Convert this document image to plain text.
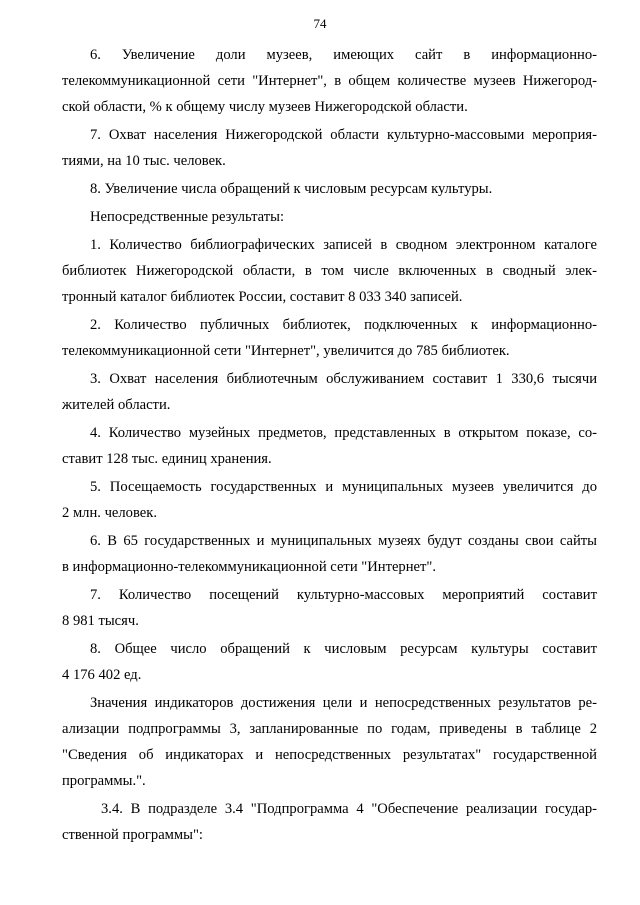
74
6. Увеличение доли музеев, имеющих сайт в информационно-
телекоммуникационной сети "Интернет", в общем количестве музеев Нижегород-
ской области, % к общему числу музеев Нижегородской области.
7. Охват населения Нижегородской области культурно-массовыми мероприя-
тиями, на 10 тыс. человек.
8. Увеличение числа обращений к числовым ресурсам культуры.
Непосредственные результаты:
1. Количество библиографических записей в сводном электронном каталоге
библиотек Нижегородской области, в том числе включенных в сводный элек-
тронный каталог библиотек России, составит 8 033 340 записей.
2. Количество публичных библиотек, подключенных к информационно-
телекоммуникационной сети "Интернет", увеличится до 785 библиотек.
3. Охват населения библиотечным обслуживанием составит 1 330,6 тысячи
жителей области.
4. Количество музейных предметов, представленных в открытом показе, со-
ставит 128 тыс. единиц хранения.
5. Посещаемость государственных и муниципальных музеев увеличится до
2 млн. человек.
6. В 65 государственных и муниципальных музеях будут созданы свои сайты
в информационно-телекоммуникационной сети "Интернет".
7. Количество посещений культурно-массовых мероприятий составит
8 981 тысяч.
8. Общее число обращений к числовым ресурсам культуры составит
4 176 402 ед.
Значения индикаторов достижения цели и непосредственных результатов ре-
ализации подпрограммы 3, запланированные по годам, приведены в таблице 2
"Сведения об индикаторах и непосредственных результатах" государственной
программы.".
3.4. В подразделе 3.4 "Подпрограмма 4 "Обеспечение реализации государ-
ственной программы":
